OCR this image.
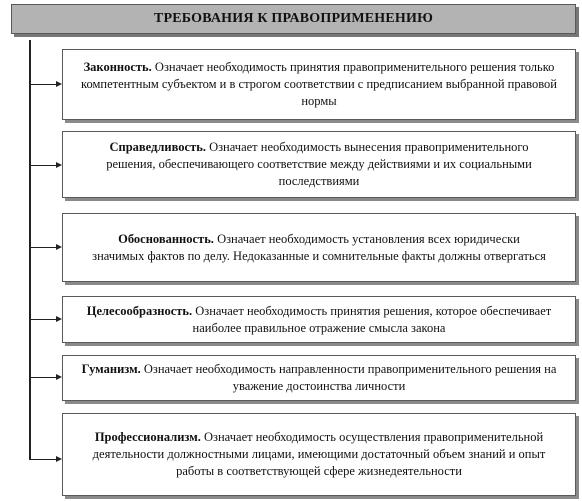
ТРЕБОВАНИЯ К ПРАВОПРИМЕНЕНИЮ
Законность. Означает необходимость принятия правоприменительного решения только компетентным субъектом и в строгом соответствии с предписанием выбранной правовой нормы
Справедливость. Означает необходимость вынесения правоприменительного решения, обеспечивающего соответствие между действиями и их социальными последствиями
Обоснованность. Означает необходимость установления всех юридически значимых фактов по делу. Недоказанные и сомнительные факты должны отвергаться
Целесообразность. Означает необходимость принятия решения, которое обеспечивает наиболее правильное отражение смысла закона
Гуманизм. Означает необходимость направленности правоприменительного решения на уважение достоинства личности
Профессионализм. Означает необходимость осуществления правоприменительной деятельности должностными лицами, имеющими достаточный объем знаний и опыт работы в соответствующей сфере жизнедеятельности
